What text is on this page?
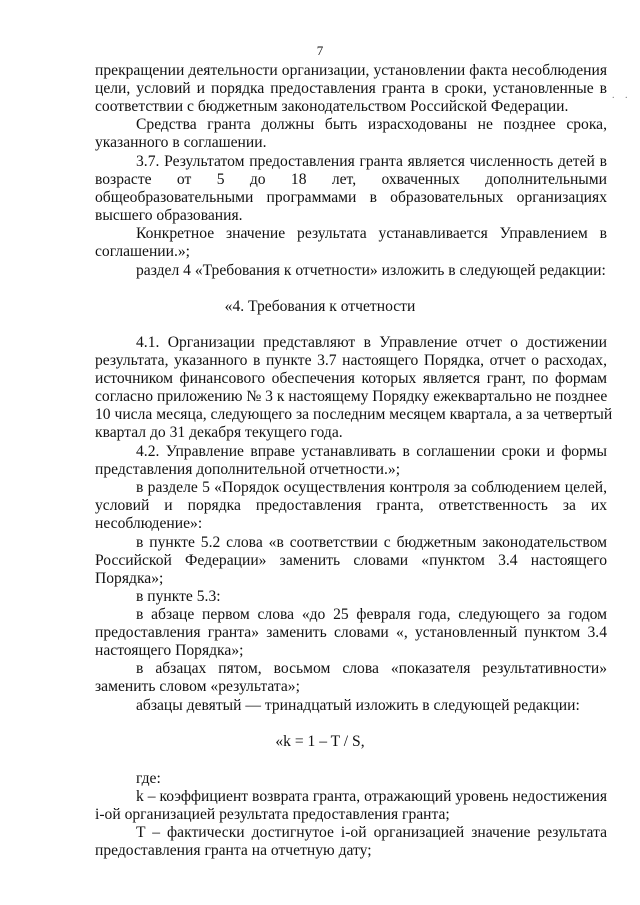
7
. .
прекращении деятельности организации, установлении факта несоблюдения
цели, условий и порядка предоставления гранта в сроки, установленные в
соответствии с бюджетным законодательством Российской Федерации.
Средства гранта должны быть израсходованы не позднее срока,
указанного в соглашении.
3.7. Результатом предоставления гранта является численность детей в
возрасте      от      5      до      18      лет,      охваченных      дополнительными
общеобразовательными программами в образовательных организациях
высшего образования.
Конкретное значение результата устанавливается Управлением в
соглашении.»;
раздел 4 «Требования к отчетности» изложить в следующей редакции:
«4. Требования к отчетности
4.1. Организации представляют в Управление отчет о достижении
результата, указанного в пункте 3.7 настоящего Порядка, отчет о расходах,
источником финансового обеспечения которых является грант, по формам
согласно приложению № 3 к настоящему Порядку ежеквартально не позднее
10 числа месяца, следующего за последним месяцем квартала, а за четвертый
квартал до 31 декабря текущего года.
4.2. Управление вправе устанавливать в соглашении сроки и формы
представления дополнительной отчетности.»;
в разделе 5 «Порядок осуществления контроля за соблюдением целей,
условий и порядка предоставления гранта, ответственность за их
несоблюдение»:
в пункте 5.2 слова «в соответствии с бюджетным законодательством
Российской Федерации» заменить словами «пунктом 3.4 настоящего
Порядка»;
в пункте 5.3:
в абзаце первом слова «до 25 февраля года, следующего за годом
предоставления гранта» заменить словами «, установленный пунктом 3.4
настоящего Порядка»;
в абзацах пятом, восьмом слова «показателя результативности»
заменить словом «результата»;
абзацы девятый — тринадцатый изложить в следующей редакции:
«k = 1 – T / S,
где:
k – коэффициент возврата гранта, отражающий уровень недостижения
i-ой организацией результата предоставления гранта;
T – фактически достигнутое i-ой организацией значение результата
предоставления гранта на отчетную дату;
